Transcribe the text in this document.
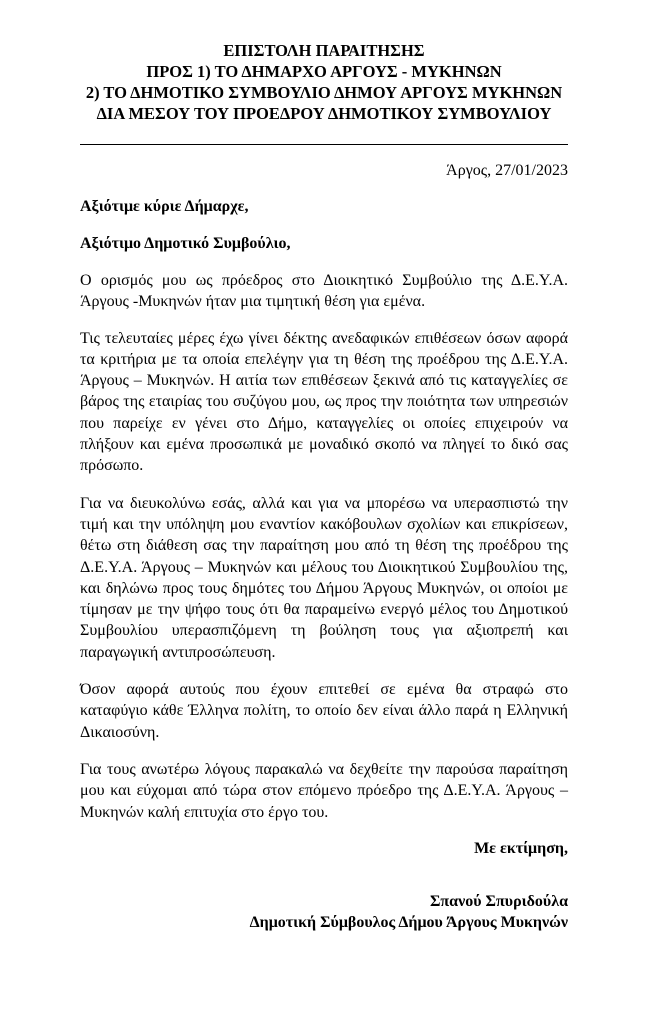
ΕΠΙΣΤΟΛΗ ΠΑΡΑΙΤΗΣΗΣ
ΠΡΟΣ 1) ΤΟ ΔΗΜΑΡΧΟ ΑΡΓΟΥΣ - ΜΥΚΗΝΩΝ
2) ΤΟ ΔΗΜΟΤΙΚΟ ΣΥΜΒΟΥΛΙΟ ΔΗΜΟΥ ΑΡΓΟΥΣ ΜΥΚΗΝΩΝ ΔΙΑ ΜΕΣΟΥ ΤΟΥ ΠΡΟΕΔΡΟΥ ΔΗΜΟΤΙΚΟΥ ΣΥΜΒΟΥΛΙΟΥ
Άργος, 27/01/2023

Αξιότιμε κύριε Δήμαρχε,

Αξιότιμο Δημοτικό Συμβούλιο,

Ο ορισμός μου ως πρόεδρος στο Διοικητικό Συμβούλιο της Δ.Ε.Υ.Α. Άργους -Μυκηνών ήταν μια τιμητική θέση για εμένα.

Τις τελευταίες μέρες έχω γίνει δέκτης ανεδαφικών επιθέσεων όσων αφορά τα κριτήρια με τα οποία επελέγην για τη θέση της προέδρου της Δ.Ε.Υ.Α. Άργους – Μυκηνών. Η αιτία των επιθέσεων ξεκινά από τις καταγγελίες σε βάρος της εταιρίας του συζύγου μου, ως προς την ποιότητα των υπηρεσιών που παρείχε εν γένει στο Δήμο, καταγγελίες οι οποίες επιχειρούν να πλήξουν και εμένα προσωπικά με μοναδικό σκοπό να πληγεί το δικό σας πρόσωπο.

Για να διευκολύνω εσάς, αλλά και για να μπορέσω να υπερασπιστώ την τιμή και την υπόληψη μου εναντίον κακόβουλων σχολίων και επικρίσεων, θέτω στη διάθεση σας την παραίτηση μου από τη θέση της προέδρου της Δ.Ε.Υ.Α. Άργους – Μυκηνών και μέλους του Διοικητικού Συμβουλίου της, και δηλώνω προς τους δημότες του Δήμου Άργους Μυκηνών, οι οποίοι με τίμησαν με την ψήφο τους ότι θα παραμείνω ενεργό μέλος του Δημοτικού Συμβουλίου υπερασπιζόμενη τη βούληση τους για αξιοπρεπή και παραγωγική αντιπροσώπευση.

Όσον αφορά αυτούς που έχουν επιτεθεί σε εμένα θα στραφώ στο καταφύγιο κάθε Έλληνα πολίτη, το οποίο δεν είναι άλλο παρά η Ελληνική Δικαιοσύνη.

Για τους ανωτέρω λόγους παρακαλώ να δεχθείτε την παρούσα παραίτηση μου και εύχομαι από τώρα στον επόμενο πρόεδρο της Δ.Ε.Υ.Α. Άργους – Μυκηνών καλή επιτυχία στο έργο του.

Με εκτίμηση,
Σπανού Σπυριδούλα
Δημοτική Σύμβουλος Δήμου Άργους Μυκηνών
